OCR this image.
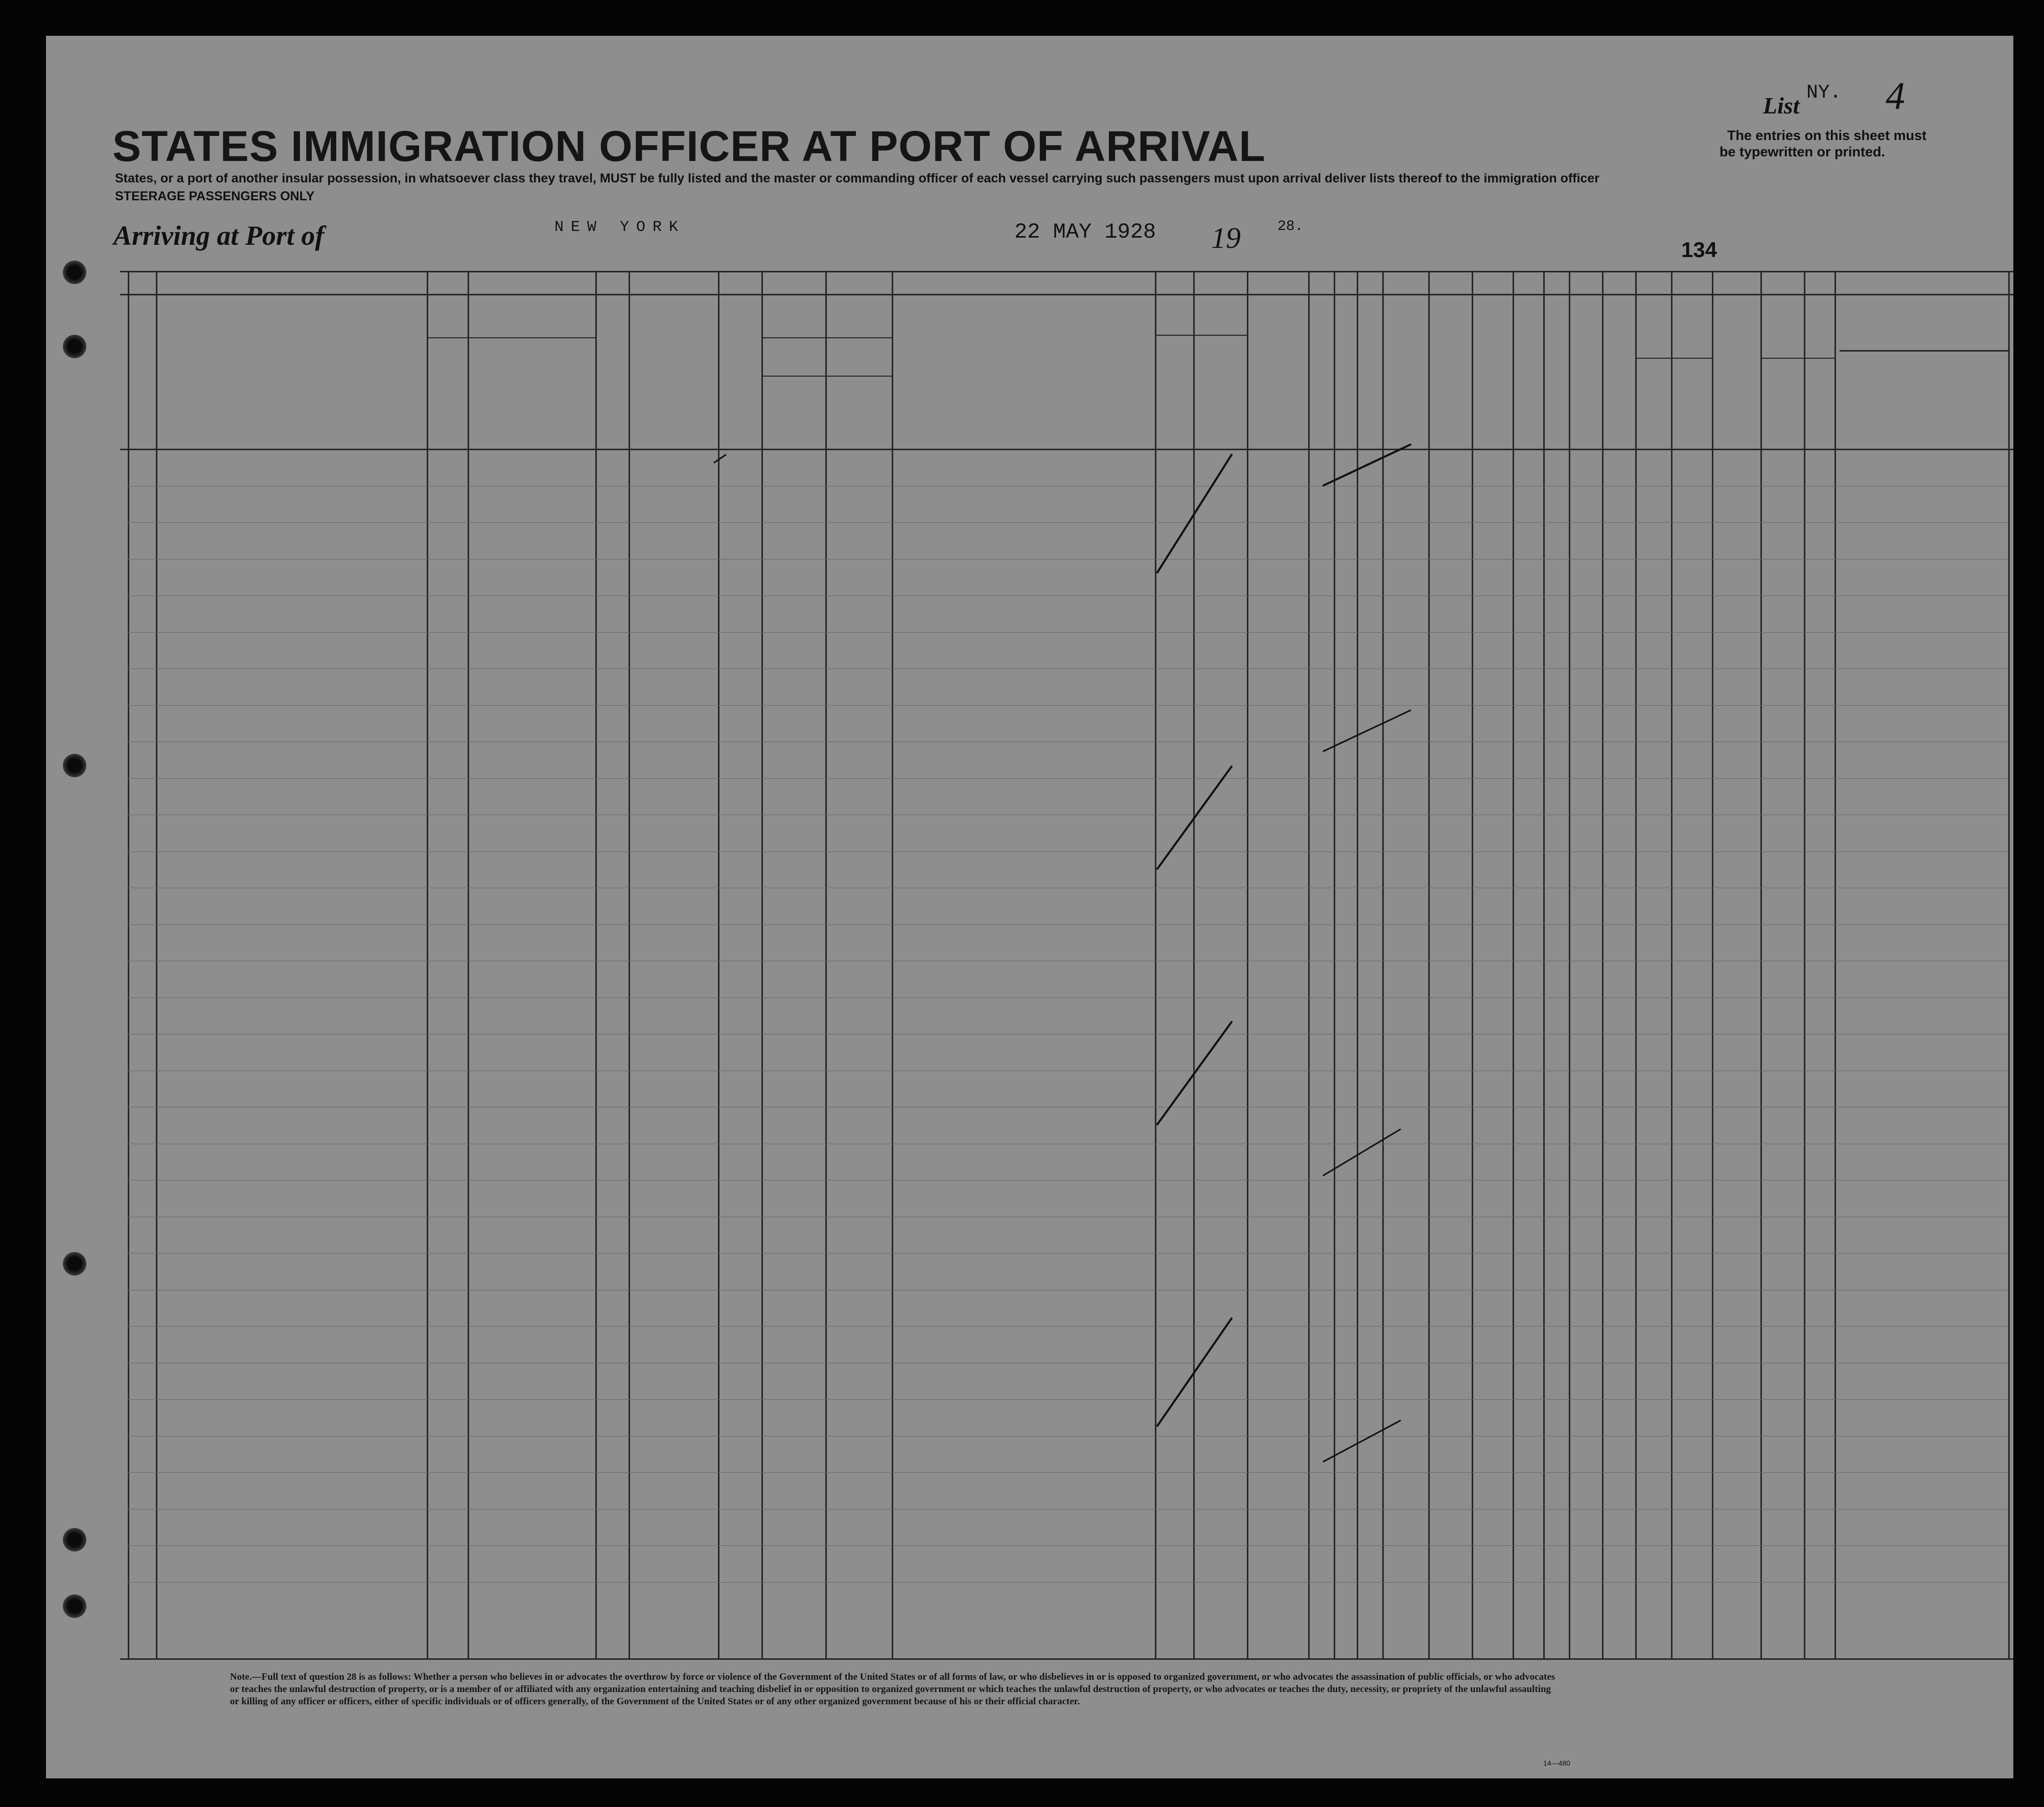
STATES IMMIGRATION OFFICER AT PORT OF ARRIVAL
States, or a port of another insular possession, in whatsoever class they travel, MUST be fully listed and the master or commanding officer of each vessel carrying such passengers must upon arrival deliver lists thereof to the immigration officer
STEERAGE PASSENGERS ONLY
Arriving at Port of	NEW YORK	22 MAY 1928 19	28.
134
List NY. 4
The entries on this sheet must
be typewritten or printed.
Note.—Full text of question 28 is as follows: Whether a person who believes in or advocates the overthrow by force or violence of the Government of the United States or of all forms of law, or who disbelieves in or is opposed to organized government, or who advocates the assassination of public officials, or who advocates or teaches the unlawful destruction of property, or is a member of or affiliated with any organization entertaining and teaching disbelief in or opposition to organized government or which teaches the unlawful destruction of property, or who advocates or teaches the duty, necessity, or propriety of the unlawful assaulting or killing of any officer or officers, either of specific individuals or of officers generally, of the Government of the United States or of any other organized government because of his or their official character.
14—480
